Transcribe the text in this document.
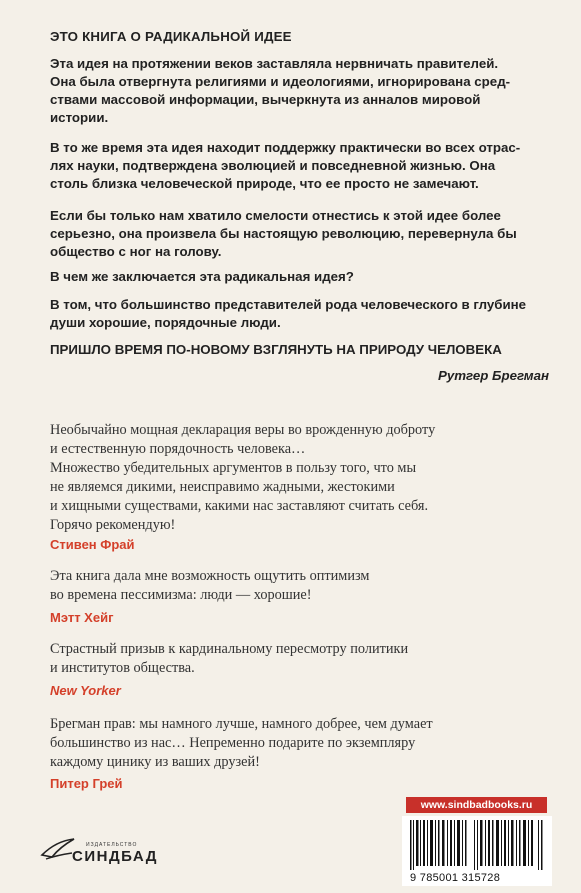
ЭТО КНИГА О РАДИКАЛЬНОЙ ИДЕЕ
Эта идея на протяжении веков заставляла нервничать правителей.
Она была отвергнута религиями и идеологиями, игнорирована сред-
ствами массовой информации, вычеркнута из анналов мировой
истории.
В то же время эта идея находит поддержку практически во всех отрас-
лях науки, подтверждена эволюцией и повседневной жизнью. Она
столь близка человеческой природе, что ее просто не замечают.
Если бы только нам хватило смелости отнестись к этой идее более
серьезно, она произвела бы настоящую революцию, перевернула бы
общество с ног на голову.
В чем же заключается эта радикальная идея?
В том, что большинство представителей рода человеческого в глубине
души хорошие, порядочные люди.
ПРИШЛО ВРЕМЯ ПО-НОВОМУ ВЗГЛЯНУТЬ НА ПРИРОДУ ЧЕЛОВЕКА
Рутгер Брегман
Необычайно мощная декларация веры во врожденную доброту
и естественную порядочность человека…
Множество убедительных аргументов в пользу того, что мы
не являемся дикими, неисправимо жадными, жестокими
и хищными существами, какими нас заставляют считать себя.
Горячо рекомендую!
Стивен Фрай
Эта книга дала мне возможность ощутить оптимизм
во времена пессимизма: люди — хорошие!
Мэтт Хейг
Страстный призыв к кардинальному пересмотру политики
и институтов общества.
New Yorker
Брегман прав: мы намного лучше, намного добрее, чем думает
большинство из нас… Непременно подарите по экземпляру
каждому цинику из ваших друзей!
Питер Грей
ИЗДАТЕЛЬСТВО
СИНДБАД
www.sindbadbooks.ru
9 785001 315728
